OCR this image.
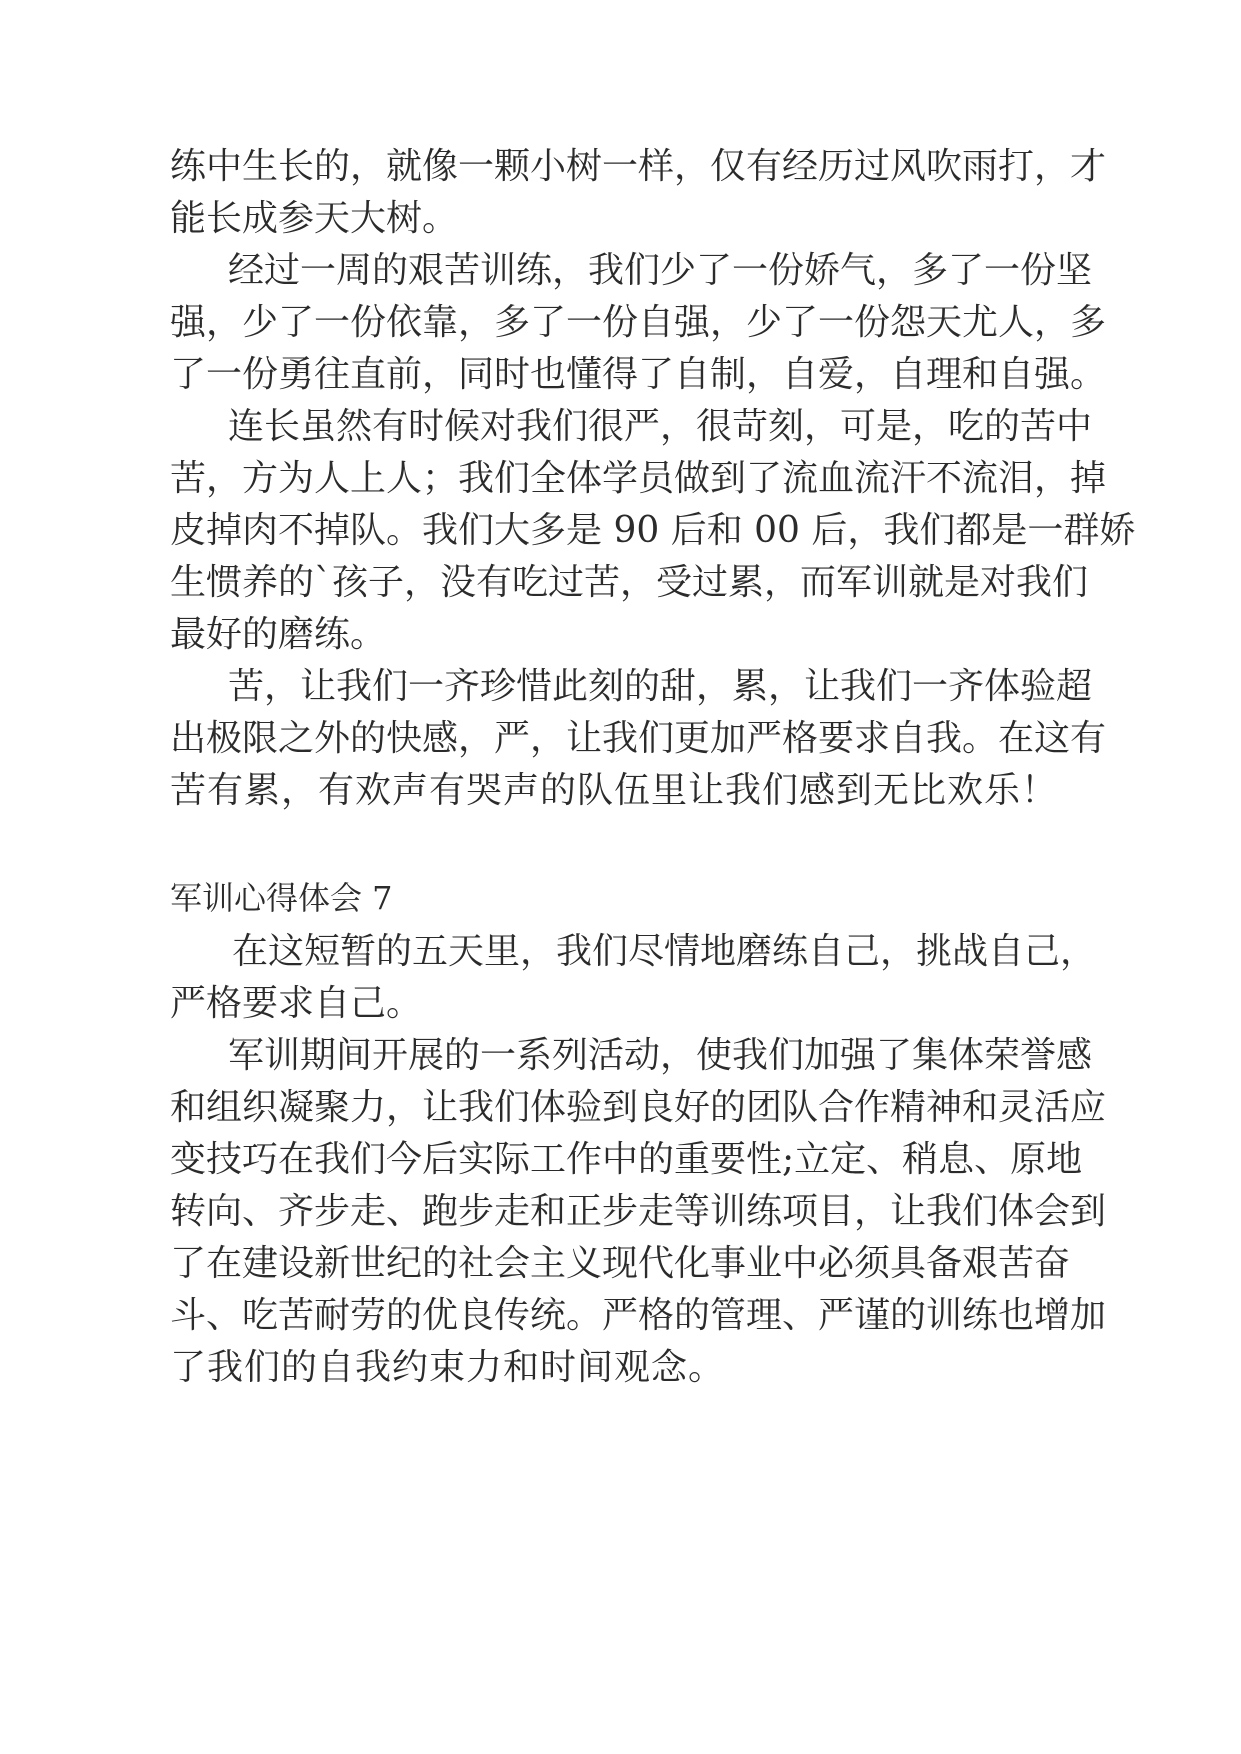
练中生长的，就像一颗小树一样，仅有经历过风吹雨打，才
能长成参天大树。
经过一周的艰苦训练，我们少了一份娇气，多了一份坚
强，少了一份依靠，多了一份自强，少了一份怨天尤人，多
了一份勇往直前，同时也懂得了自制，自爱，自理和自强。
连长虽然有时候对我们很严，很苛刻，可是，吃的苦中
苦，方为人上人；我们全体学员做到了流血流汗不流泪，掉
皮掉肉不掉队。我们大多是 90 后和 00 后，我们都是一群娇
生惯养的`孩子，没有吃过苦，受过累，而军训就是对我们
最好的磨练。
苦，让我们一齐珍惜此刻的甜，累，让我们一齐体验超
出极限之外的快感，严，让我们更加严格要求自我。在这有
苦有累，有欢声有哭声的队伍里让我们感到无比欢乐！
军训心得体会 7
在这短暂的五天里，我们尽情地磨练自己，挑战自己，
严格要求自己。
军训期间开展的一系列活动，使我们加强了集体荣誉感
和组织凝聚力，让我们体验到良好的团队合作精神和灵活应
变技巧在我们今后实际工作中的重要性;立定、稍息、原地
转向、齐步走、跑步走和正步走等训练项目，让我们体会到
了在建设新世纪的社会主义现代化事业中必须具备艰苦奋
斗、吃苦耐劳的优良传统。严格的管理、严谨的训练也增加
了我们的自我约束力和时间观念。
